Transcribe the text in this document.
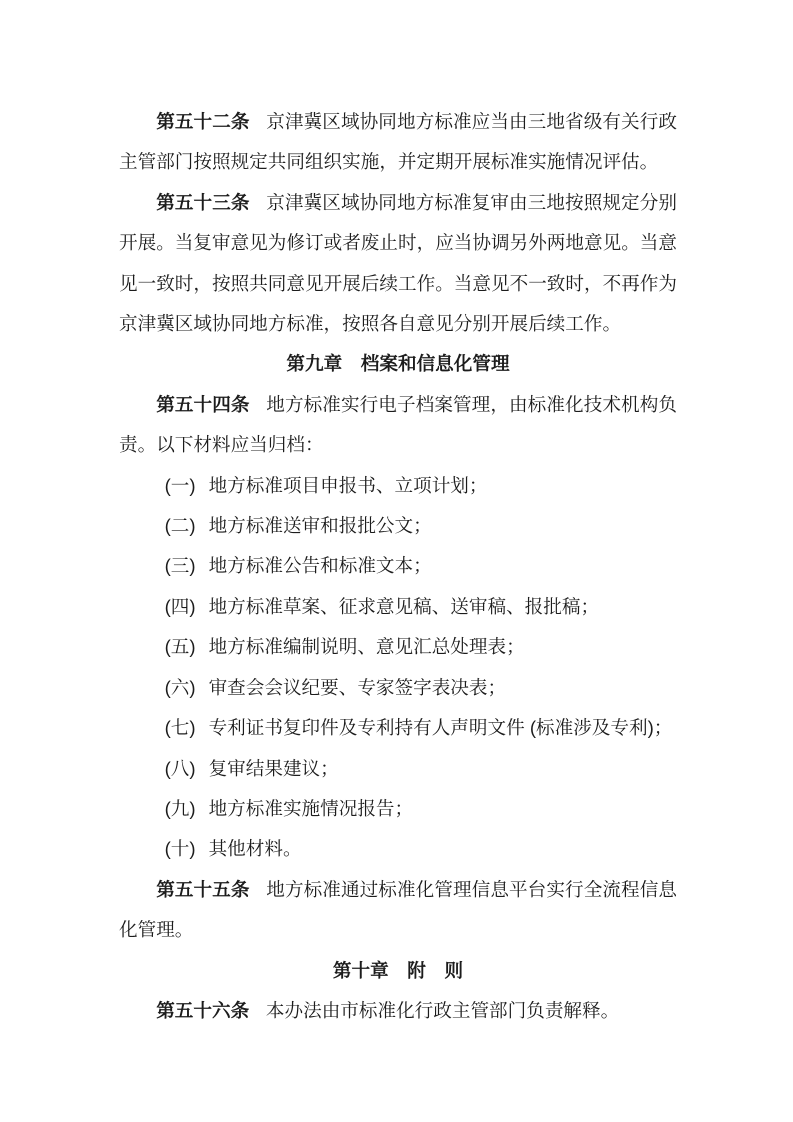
第五十二条 京津冀区域协同地方标准应当由三地省级有关行政主管部门按照规定共同组织实施，并定期开展标准实施情况评估。

第五十三条 京津冀区域协同地方标准复审由三地按照规定分别开展。当复审意见为修订或者废止时，应当协调另外两地意见。当意见一致时，按照共同意见开展后续工作。当意见不一致时，不再作为京津冀区域协同地方标准，按照各自意见分别开展后续工作。

第九章　档案和信息化管理

第五十四条 地方标准实行电子档案管理，由标准化技术机构负责。以下材料应当归档：

(一) 地方标准项目申报书、立项计划；

(二) 地方标准送审和报批公文；

(三) 地方标准公告和标准文本；

(四) 地方标准草案、征求意见稿、送审稿、报批稿；

(五) 地方标准编制说明、意见汇总处理表；

(六) 审查会会议纪要、专家签字表决表；

(七) 专利证书复印件及专利持有人声明文件 (标准涉及专利)；

(八) 复审结果建议；

(九) 地方标准实施情况报告；

(十) 其他材料。

第五十五条 地方标准通过标准化管理信息平台实行全流程信息化管理。

第十章　附　则

第五十六条 本办法由市标准化行政主管部门负责解释。
